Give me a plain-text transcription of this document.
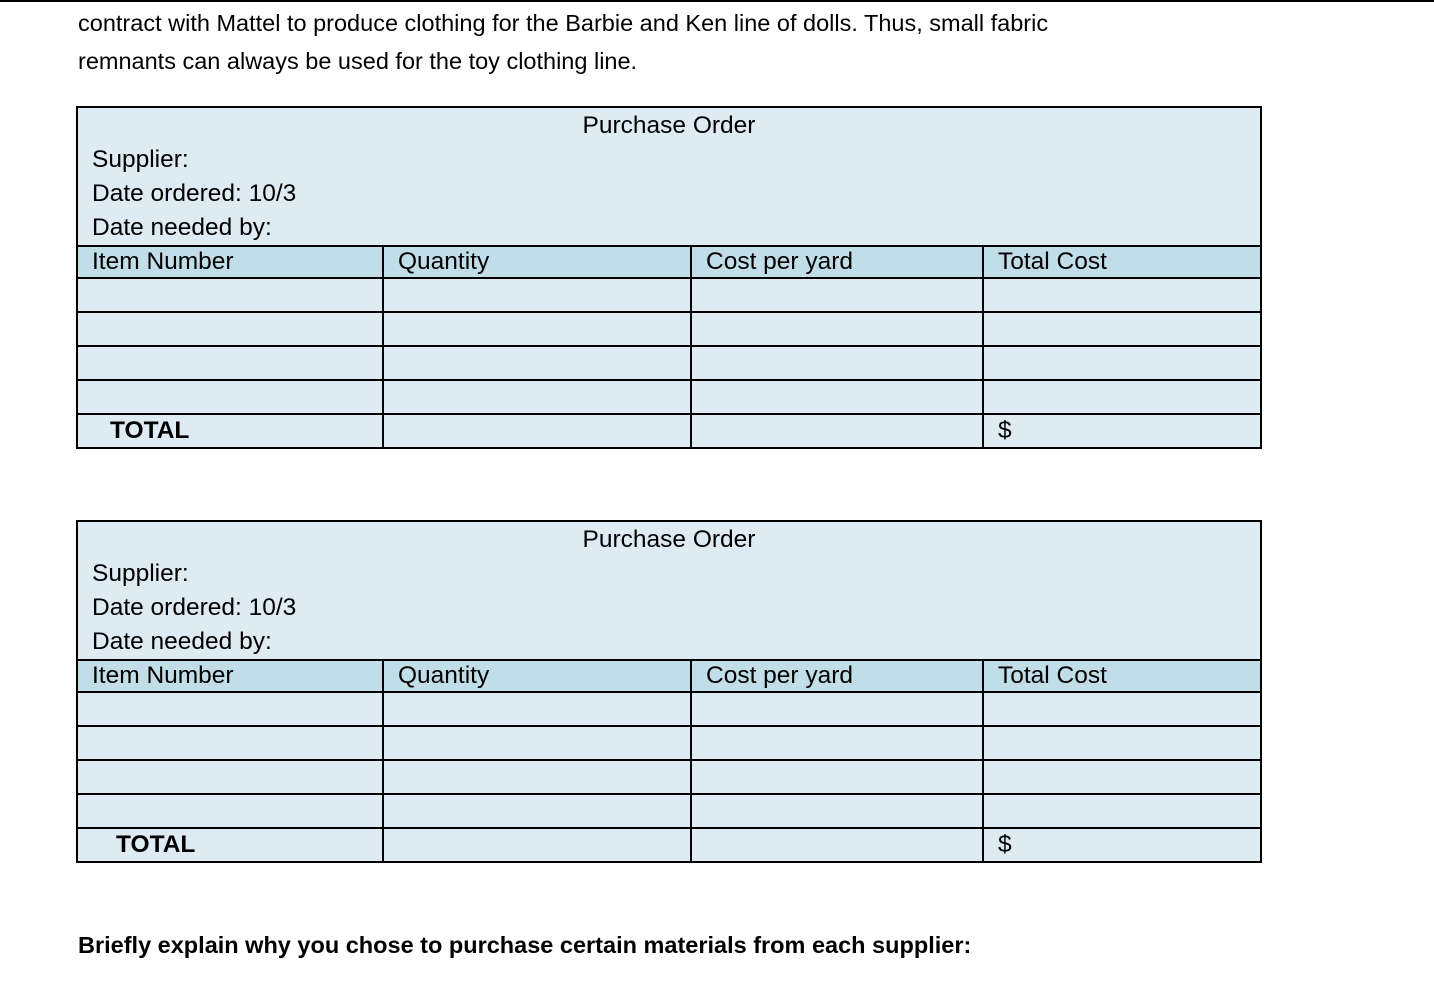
contract with Mattel to produce clothing for the Barbie and Ken line of dolls. Thus, small fabric
remnants can always be used for the toy clothing line.
Purchase Order
Supplier:
Date ordered: 10/3
Date needed by:			

Item Number	Quantity	Cost per yard	Total Cost

TOTAL			$
Purchase Order
Supplier:
Date ordered: 10/3
Date needed by:			

Item Number	Quantity	Cost per yard	Total Cost

TOTAL			$
Briefly explain why you chose to purchase certain materials from each supplier:
